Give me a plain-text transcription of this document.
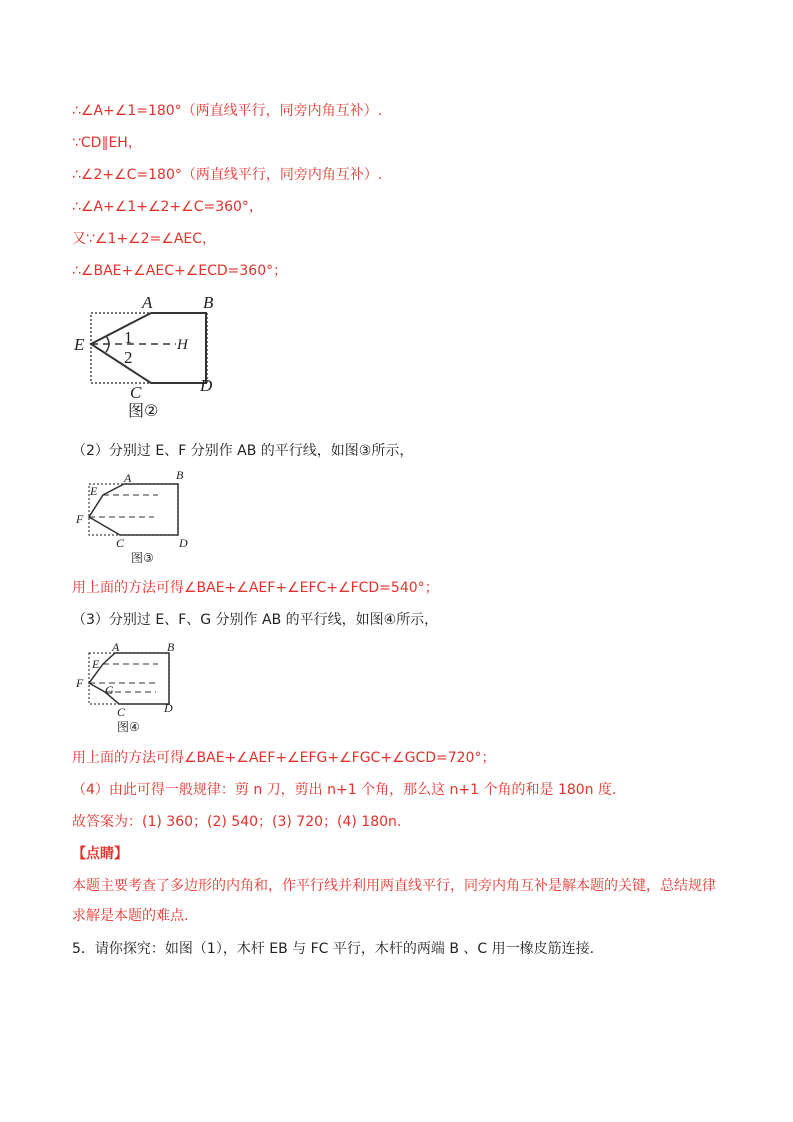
∴∠A+∠1=180°（两直线平行，同旁内角互补）.
∵CD∥EH，
∴∠2+∠C=180°（两直线平行，同旁内角互补）.
∴∠A+∠1+∠2+∠C=360°，
又∵∠1+∠2=∠AEC，
∴∠BAE+∠AEC+∠ECD=360°；
A	B
E	H
1
2
C	D
图②
（2）分别过 E、F 分别作 AB 的平行线，如图③所示，
A	B
E
F
C	D
图③
用上面的方法可得∠BAE+∠AEF+∠EFC+∠FCD=540°；
（3）分别过 E、F、G 分别作 AB 的平行线，如图④所示，
A	B
E
F G
C	D
图④
用上面的方法可得∠BAE+∠AEF+∠EFG+∠FGC+∠GCD=720°；
（4）由此可得一般规律：剪 n 刀，剪出 n+1 个角，那么这 n+1 个角的和是 180n 度.
故答案为：(1) 360；(2) 540；(3) 720；(4) 180n.
【点睛】
本题主要考查了多边形的内角和，作平行线并利用两直线平行，同旁内角互补是解本题的关键，总结规律
求解是本题的难点.
5．请你探究：如图（1），木杆 EB 与 FC 平行，木杆的两端 B 、C 用一橡皮筋连接.
